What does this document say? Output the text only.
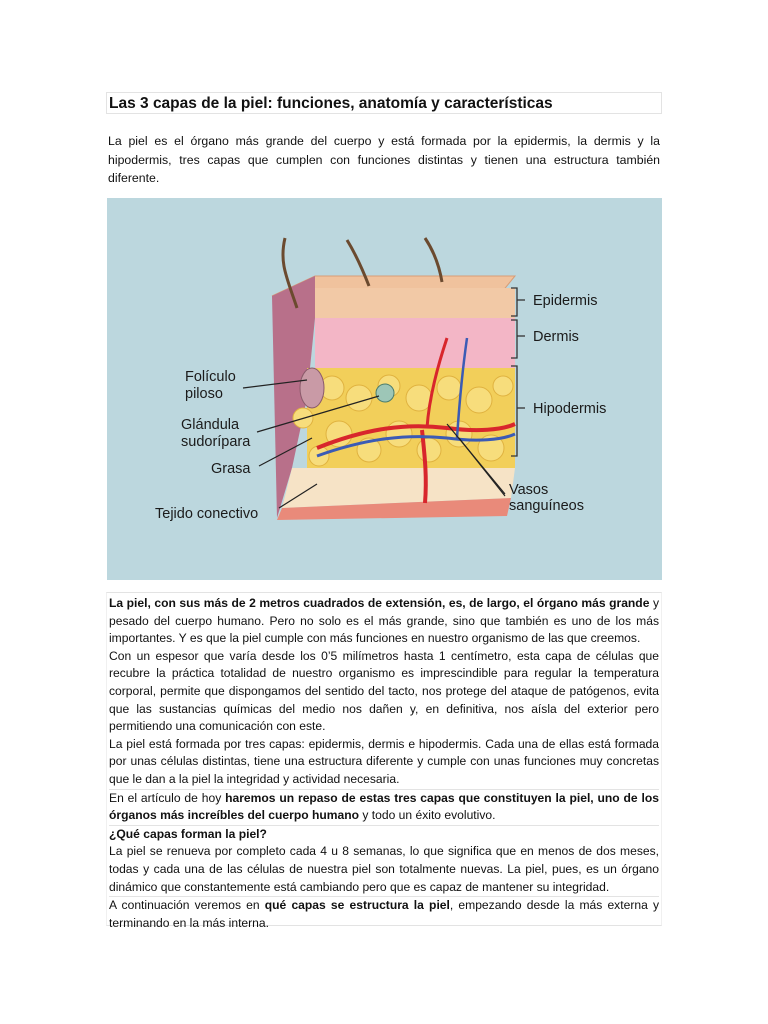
Las 3 capas de la piel: funciones, anatomía y características

La piel es el órgano más grande del cuerpo y está formada por la epidermis, la dermis y la hipodermis, tres capas que cumplen con funciones distintas y tienen una estructura también diferente.

Epidermis
Dermis
Hipodermis
Folículo
piloso
Glándula
sudorípara
Grasa
Tejido conectivo
Vasos
sanguíneos

La piel, con sus más de 2 metros cuadrados de extensión, es, de largo, el órgano más grande y pesado del cuerpo humano. Pero no solo es el más grande, sino que también es uno de los más importantes. Y es que la piel cumple con más funciones en nuestro organismo de las que creemos.

Con un espesor que varía desde los 0’5 milímetros hasta 1 centímetro, esta capa de células que recubre la práctica totalidad de nuestro organismo es imprescindible para regular la temperatura corporal, permite que dispongamos del sentido del tacto, nos protege del ataque de patógenos, evita que las sustancias químicas del medio nos dañen y, en definitiva, nos aísla del exterior pero permitiendo una comunicación con este.

La piel está formada por tres capas: epidermis, dermis e hipodermis. Cada una de ellas está formada por unas células distintas, tiene una estructura diferente y cumple con unas funciones muy concretas que le dan a la piel la integridad y actividad necesaria.

En el artículo de hoy haremos un repaso de estas tres capas que constituyen la piel, uno de los órganos más increíbles del cuerpo humano y todo un éxito evolutivo.

¿Qué capas forman la piel?

La piel se renueva por completo cada 4 u 8 semanas, lo que significa que en menos de dos meses, todas y cada una de las células de nuestra piel son totalmente nuevas. La piel, pues, es un órgano dinámico que constantemente está cambiando pero que es capaz de mantener su integridad.

A continuación veremos en qué capas se estructura la piel, empezando desde la más externa y terminando en la más interna.
